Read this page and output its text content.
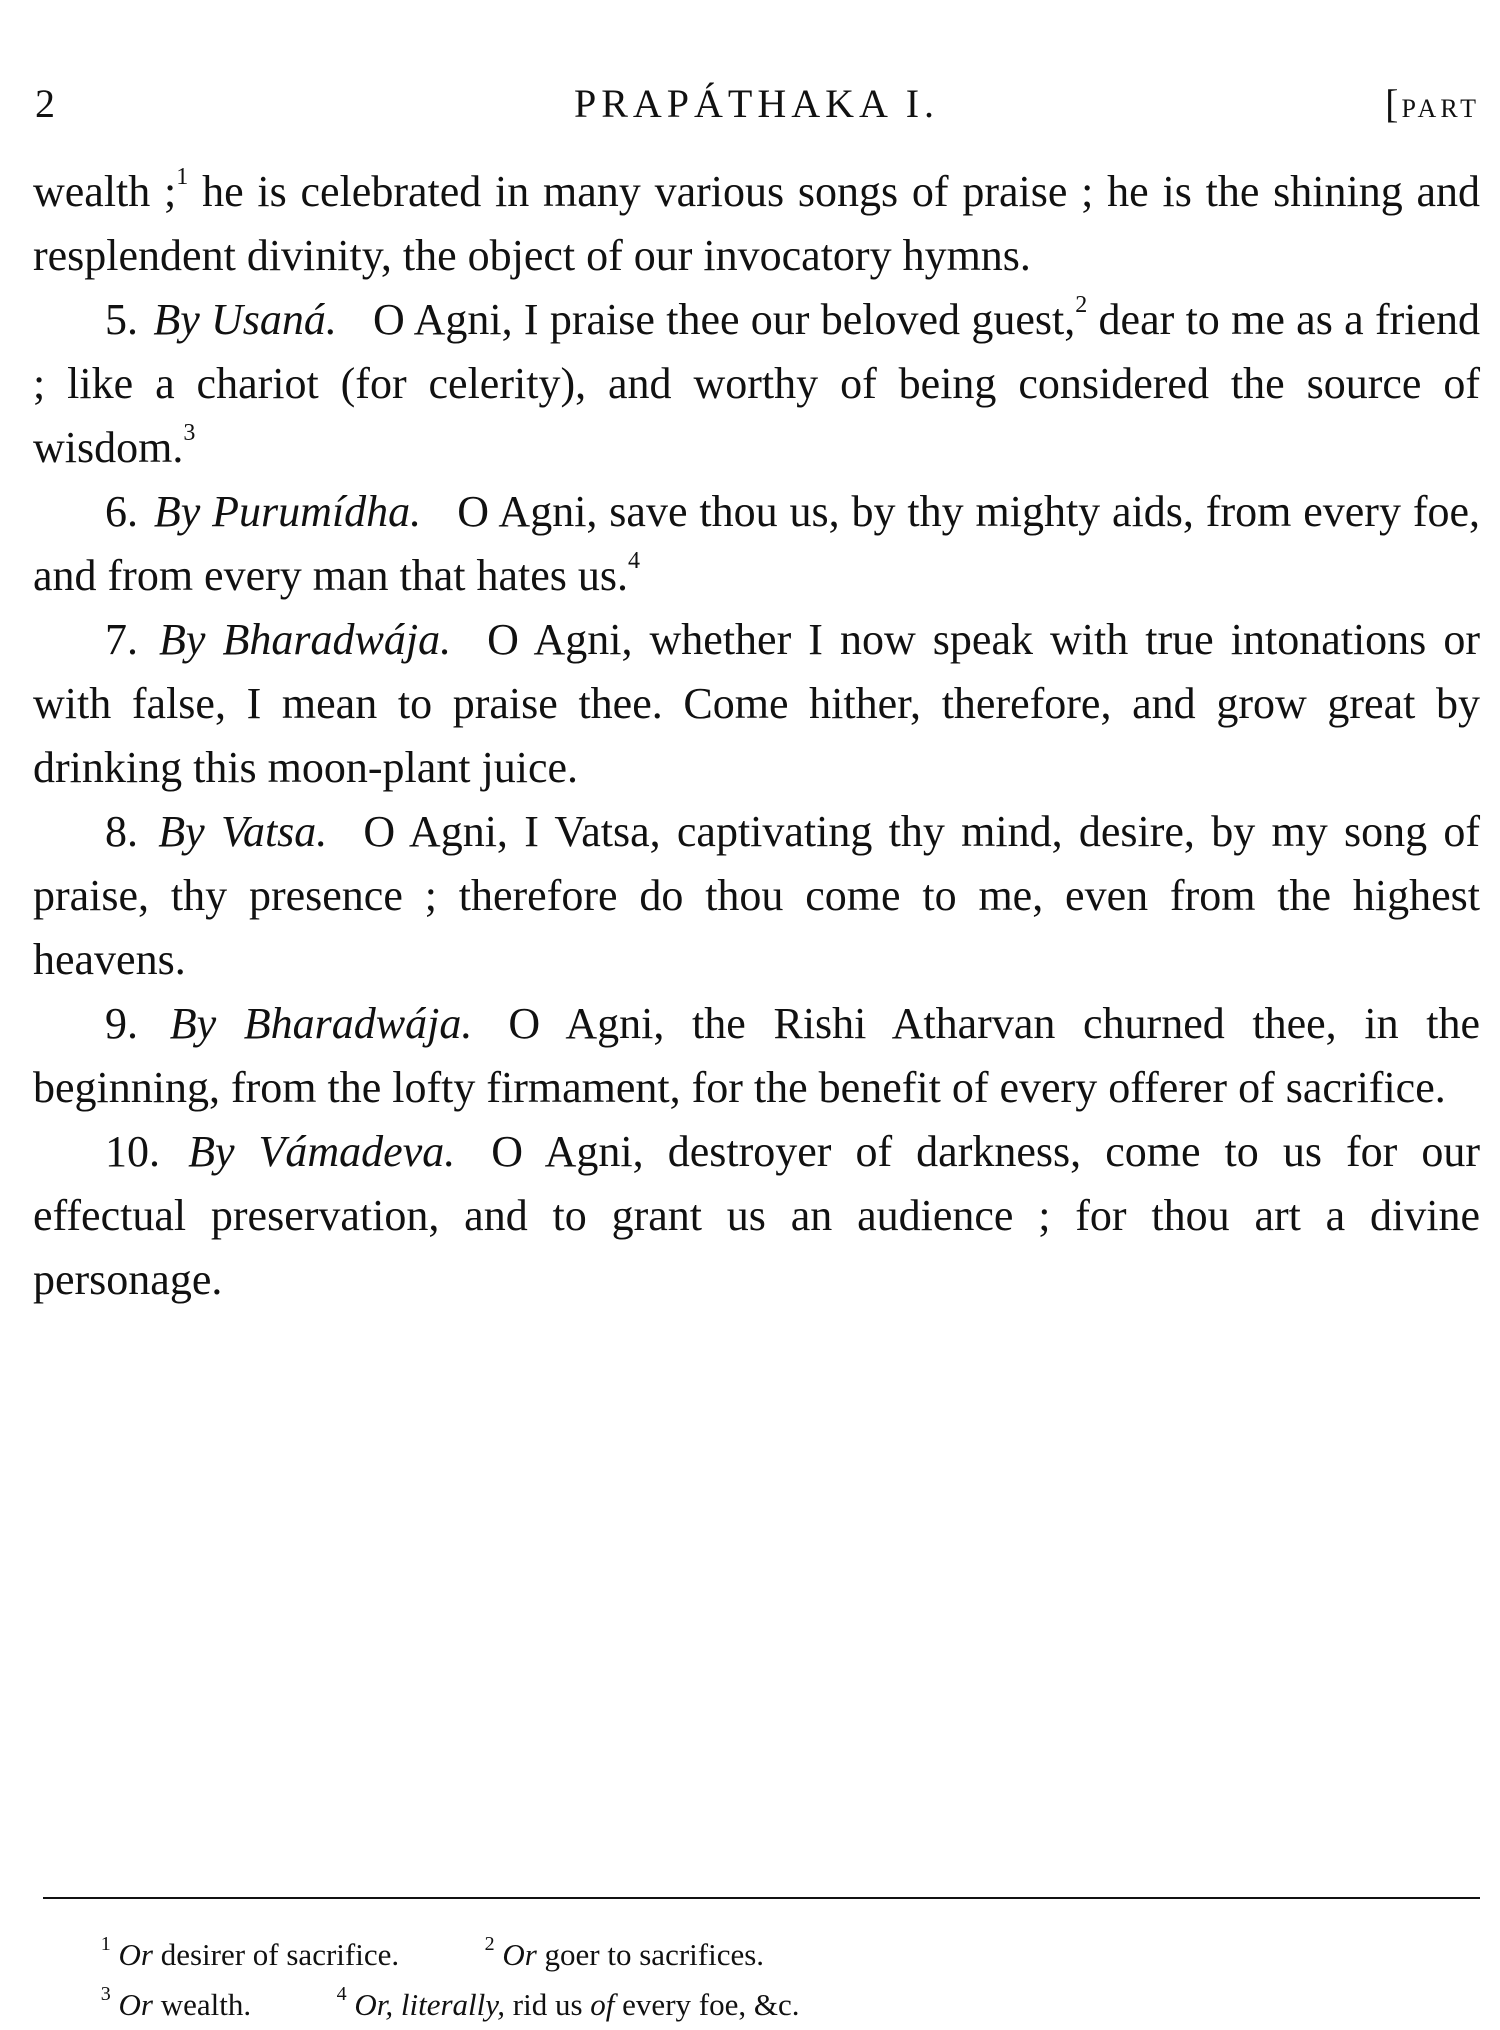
2	PRAPÁTHAKA I.	[PART

wealth ;$^1$ he is celebrated in many various songs of praise ; he is the shining and resplendent divinity, the object of our invocatory hymns.

5. By Usaná. O Agni, I praise thee our beloved guest,$^2$ dear to me as a friend ; like a chariot (for celerity), and worthy of being considered the source of wisdom.$^3$

6. By Purumídha. O Agni, save thou us, by thy mighty aids, from every foe, and from every man that hates us.$^4$

7. By Bharadwája. O Agni, whether I now speak with true intonations or with false, I mean to praise thee. Come hither, therefore, and grow great by drinking this moon-plant juice.

8. By Vatsa. O Agni, I Vatsa, captivating thy mind, desire, by my song of praise, thy presence ; therefore do thou come to me, even from the highest heavens.

9. By Bharadwája. O Agni, the Rishi Atharvan churned thee, in the beginning, from the lofty firmament, for the benefit of every offerer of sacrifice.

10. By Vámadeva. O Agni, destroyer of darkness, come to us for our effectual preservation, and to grant us an audience ; for thou art a divine personage.

$^1$ Or desirer of sacrifice.	$^2$ Or goer to sacrifices.
$^3$ Or wealth.	$^4$ Or, literally, rid us of every foe, &c.
